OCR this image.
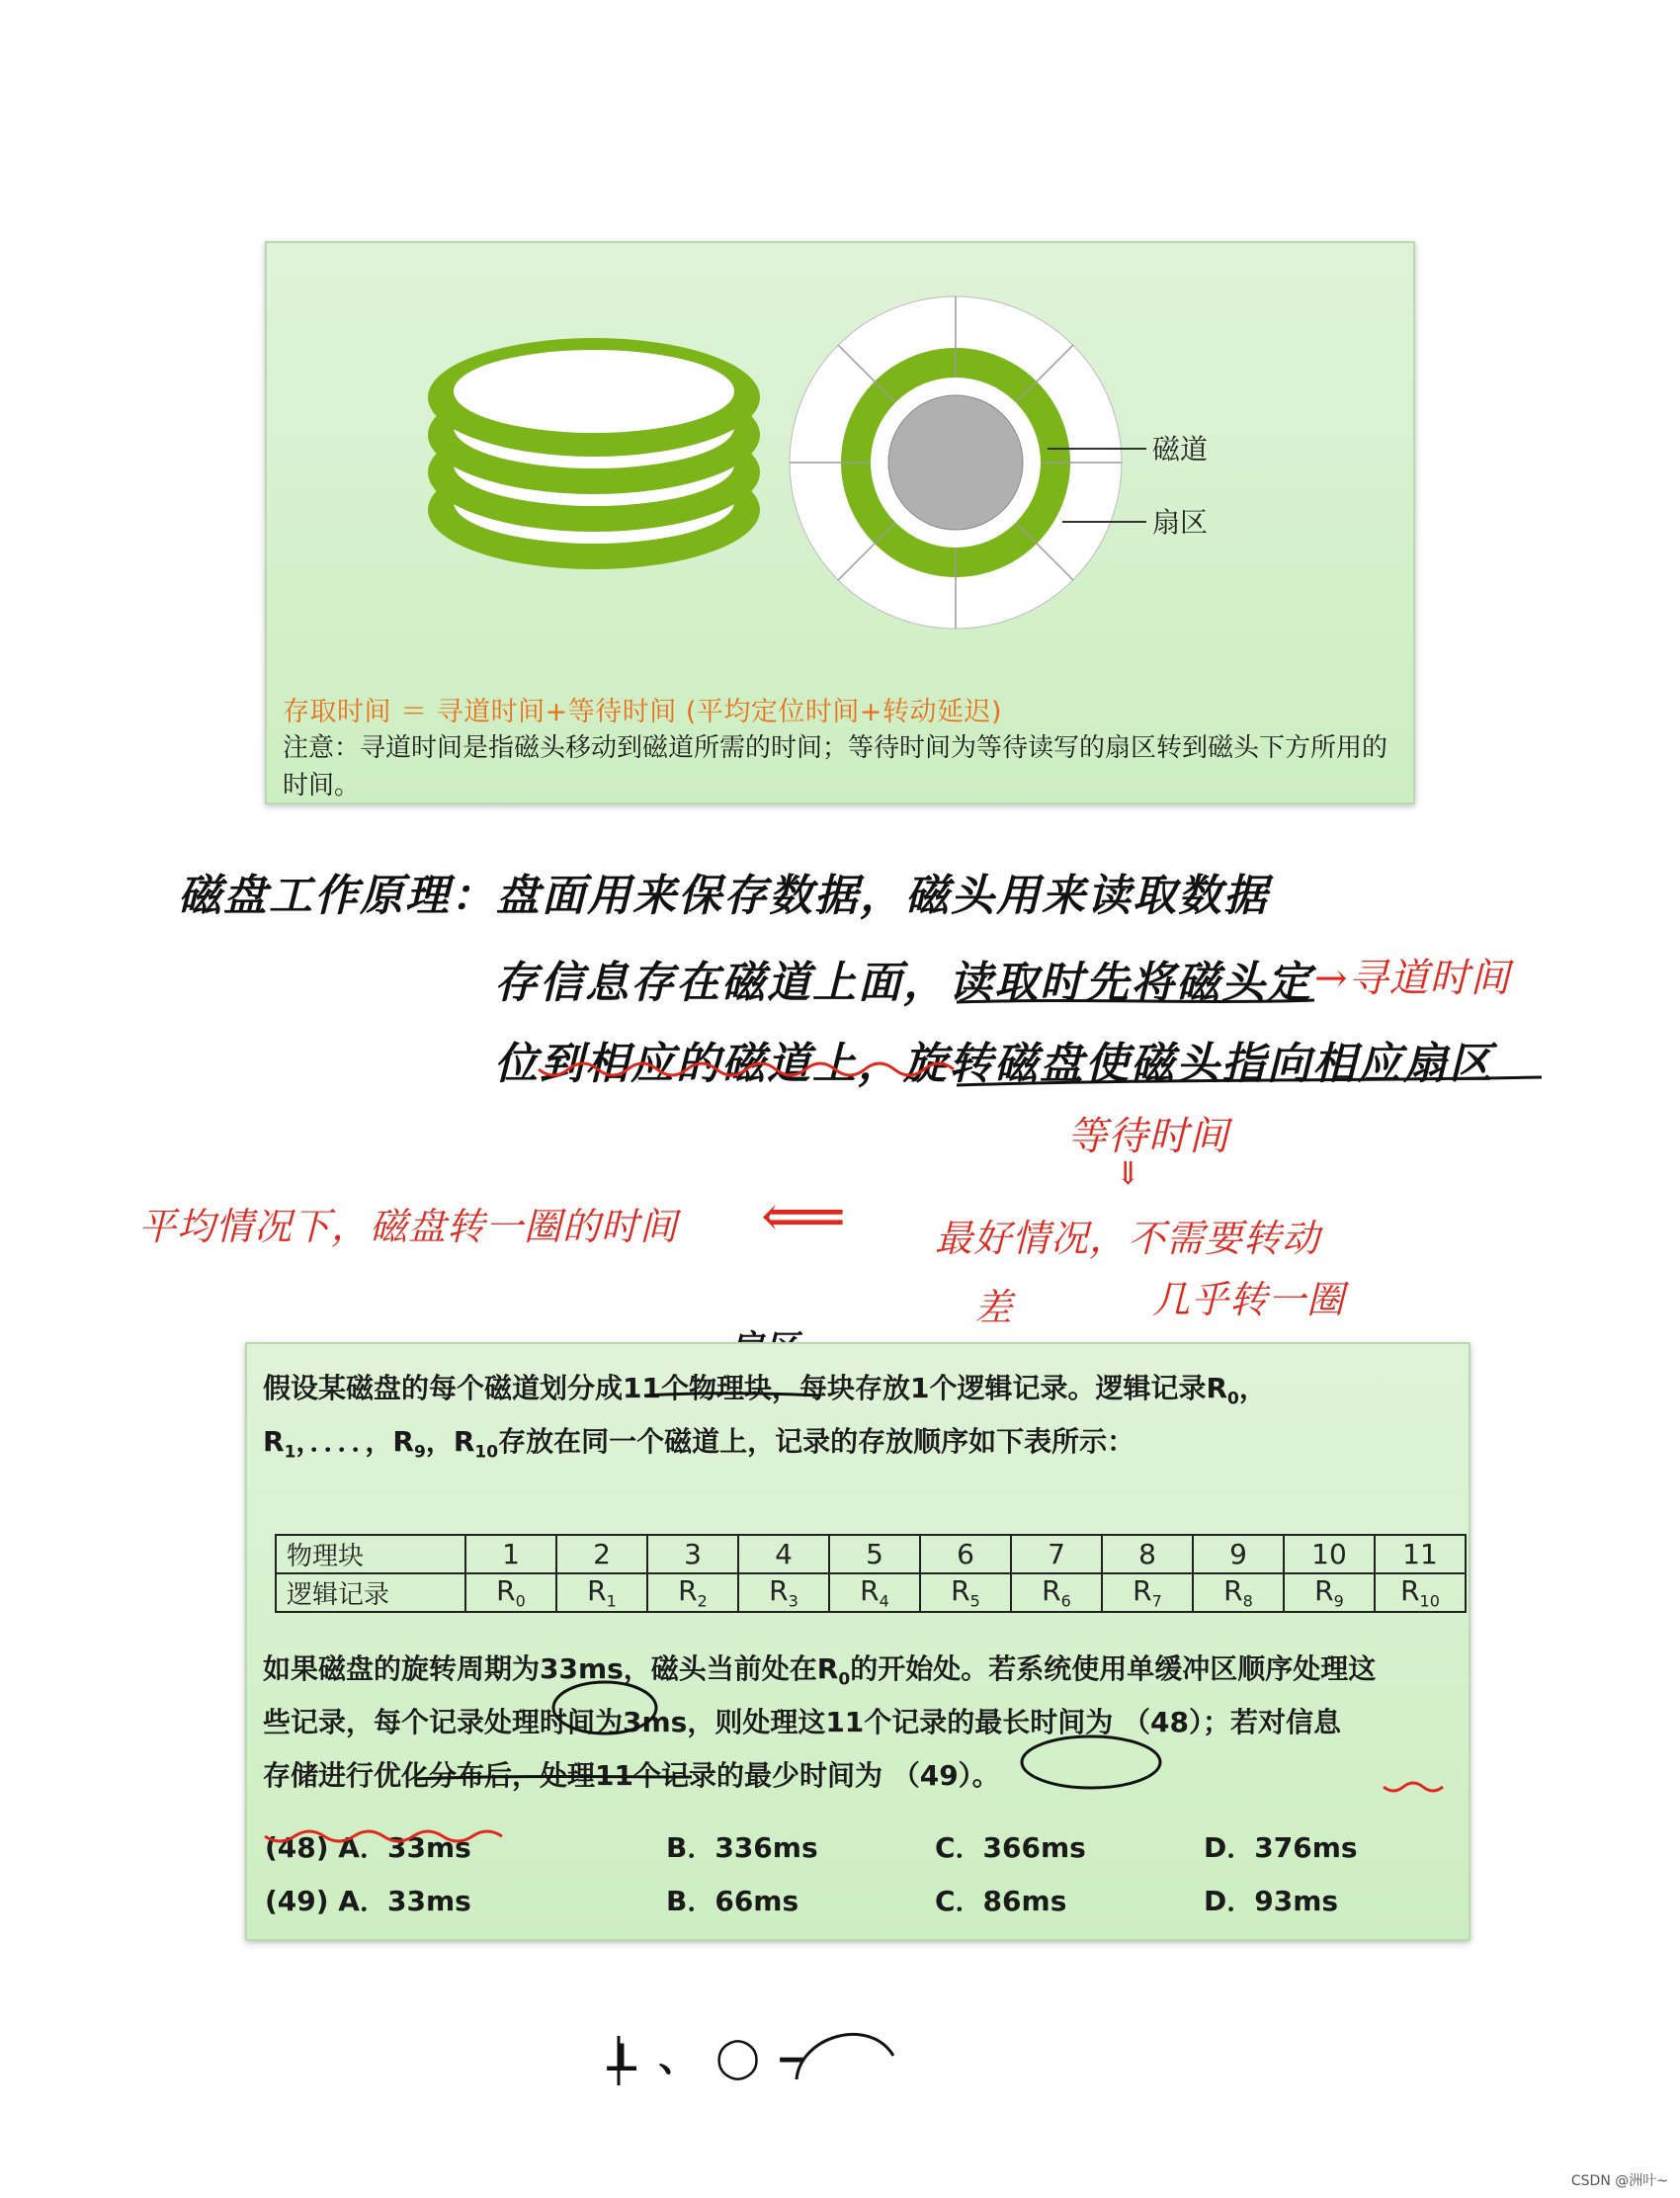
磁道
扇区
存取时间 ＝ 寻道时间+等待时间 (平均定位时间+转动延迟)
注意：寻道时间是指磁头移动到磁道所需的时间；等待时间为等待读写的扇区转到磁头下方所用的时间。
磁盘工作原理：盘面用来保存数据，磁头用来读取数据
存信息存在磁道上面，读取时先将磁头定 →寻道时间
位到相应的磁道上，旋转磁盘使磁头指向相应扇区
等待时间
⇓
平均情况下，磁盘转一圈的时间 ⟸ 最好情况，不需要转动
差	几乎转一圈
假设某磁盘的每个磁道划分成11个物理块，每块存放1个逻辑记录。逻辑记录$R_0$，
$R_1$，．．．．，$R_9$，$R_{10}$存放在同一个磁道上，记录的存放顺序如下表所示：
物理块	1	2	3	4	5	6	7	8	9	10	11
逻辑记录	$R_0$	$R_1$	$R_2$	$R_3$	$R_4$	$R_5$	$R_6$	$R_7$	$R_8$	$R_9$	$R_{10}$
如果磁盘的旋转周期为33ms，磁头当前处在$R_0$的开始处。若系统使用单缓冲区顺序处理这
些记录，每个记录处理时间为3ms，则处理这11个记录的最长时间为 （48）；若对信息
存储进行优化分布后，处理11个记录的最少时间为 （49）。
(48) A．33ms	B．336ms	C．366ms	D．376ms
(49) A．33ms	B．66ms	C．86ms	D．93ms
⊥ 、 ◯ ‒
CSDN @洲叶~
